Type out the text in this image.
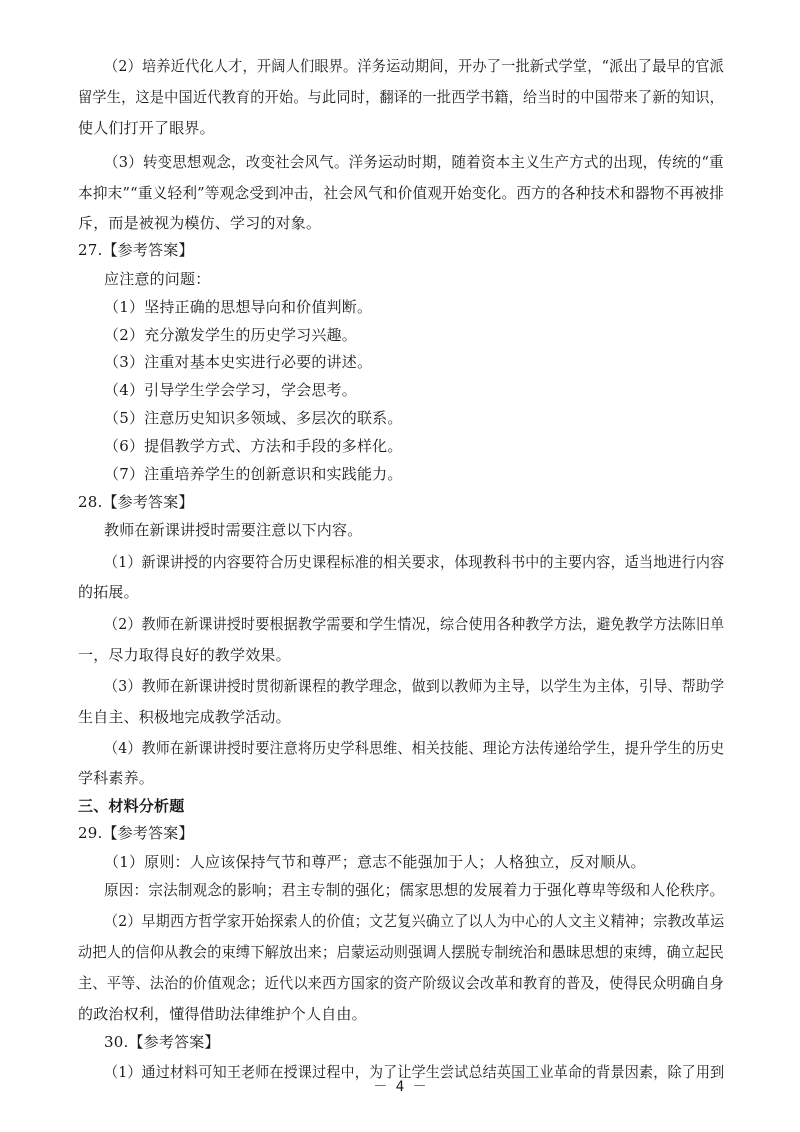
（2）培养近代化人才，开阔人们眼界。洋务运动期间，开办了一批新式学堂，“派出了最早的官派
留学生，这是中国近代教育的开始。与此同时，翻译的一批西学书籍，给当时的中国带来了新的知识，
使人们打开了眼界。
（3）转变思想观念，改变社会风气。洋务运动时期，随着资本主义生产方式的出现，传统的“重
本抑末”“重义轻利”等观念受到冲击，社会风气和价值观开始变化。西方的各种技术和器物不再被排
斥，而是被视为模仿、学习的对象。
27.【参考答案】
应注意的问题：
（1）坚持正确的思想导向和价值判断。
（2）充分激发学生的历史学习兴趣。
（3）注重对基本史实进行必要的讲述。
（4）引导学生学会学习，学会思考。
（5）注意历史知识多领域、多层次的联系。
（6）提倡教学方式、方法和手段的多样化。
（7）注重培养学生的创新意识和实践能力。
28.【参考答案】
教师在新课讲授时需要注意以下内容。
（1）新课讲授的内容要符合历史课程标准的相关要求，体现教科书中的主要内容，适当地进行内容
的拓展。
（2）教师在新课讲授时要根据教学需要和学生情况，综合使用各种教学方法，避免教学方法陈旧单
一，尽力取得良好的教学效果。
（3）教师在新课讲授时贯彻新课程的教学理念，做到以教师为主导，以学生为主体，引导、帮助学
生自主、积极地完成教学活动。
（4）教师在新课讲授时要注意将历史学科思维、相关技能、理论方法传递给学生，提升学生的历史
学科素养。
三、材料分析题
29.【参考答案】
（1）原则：人应该保持气节和尊严；意志不能强加于人；人格独立，反对顺从。
原因：宗法制观念的影响；君主专制的强化；儒家思想的发展着力于强化尊卑等级和人伦秩序。
（2）早期西方哲学家开始探索人的价值；文艺复兴确立了以人为中心的人文主义精神；宗教改革运
动把人的信仰从教会的束缚下解放出来；启蒙运动则强调人摆脱专制统治和愚昧思想的束缚，确立起民
主、平等、法治的价值观念；近代以来西方国家的资产阶级议会改革和教育的普及，使得民众明确自身
的政治权利，懂得借助法律维护个人自由。
30.【参考答案】
（1）通过材料可知王老师在授课过程中，为了让学生尝试总结英国工业革命的背景因素，除了用到
－ 4 －
